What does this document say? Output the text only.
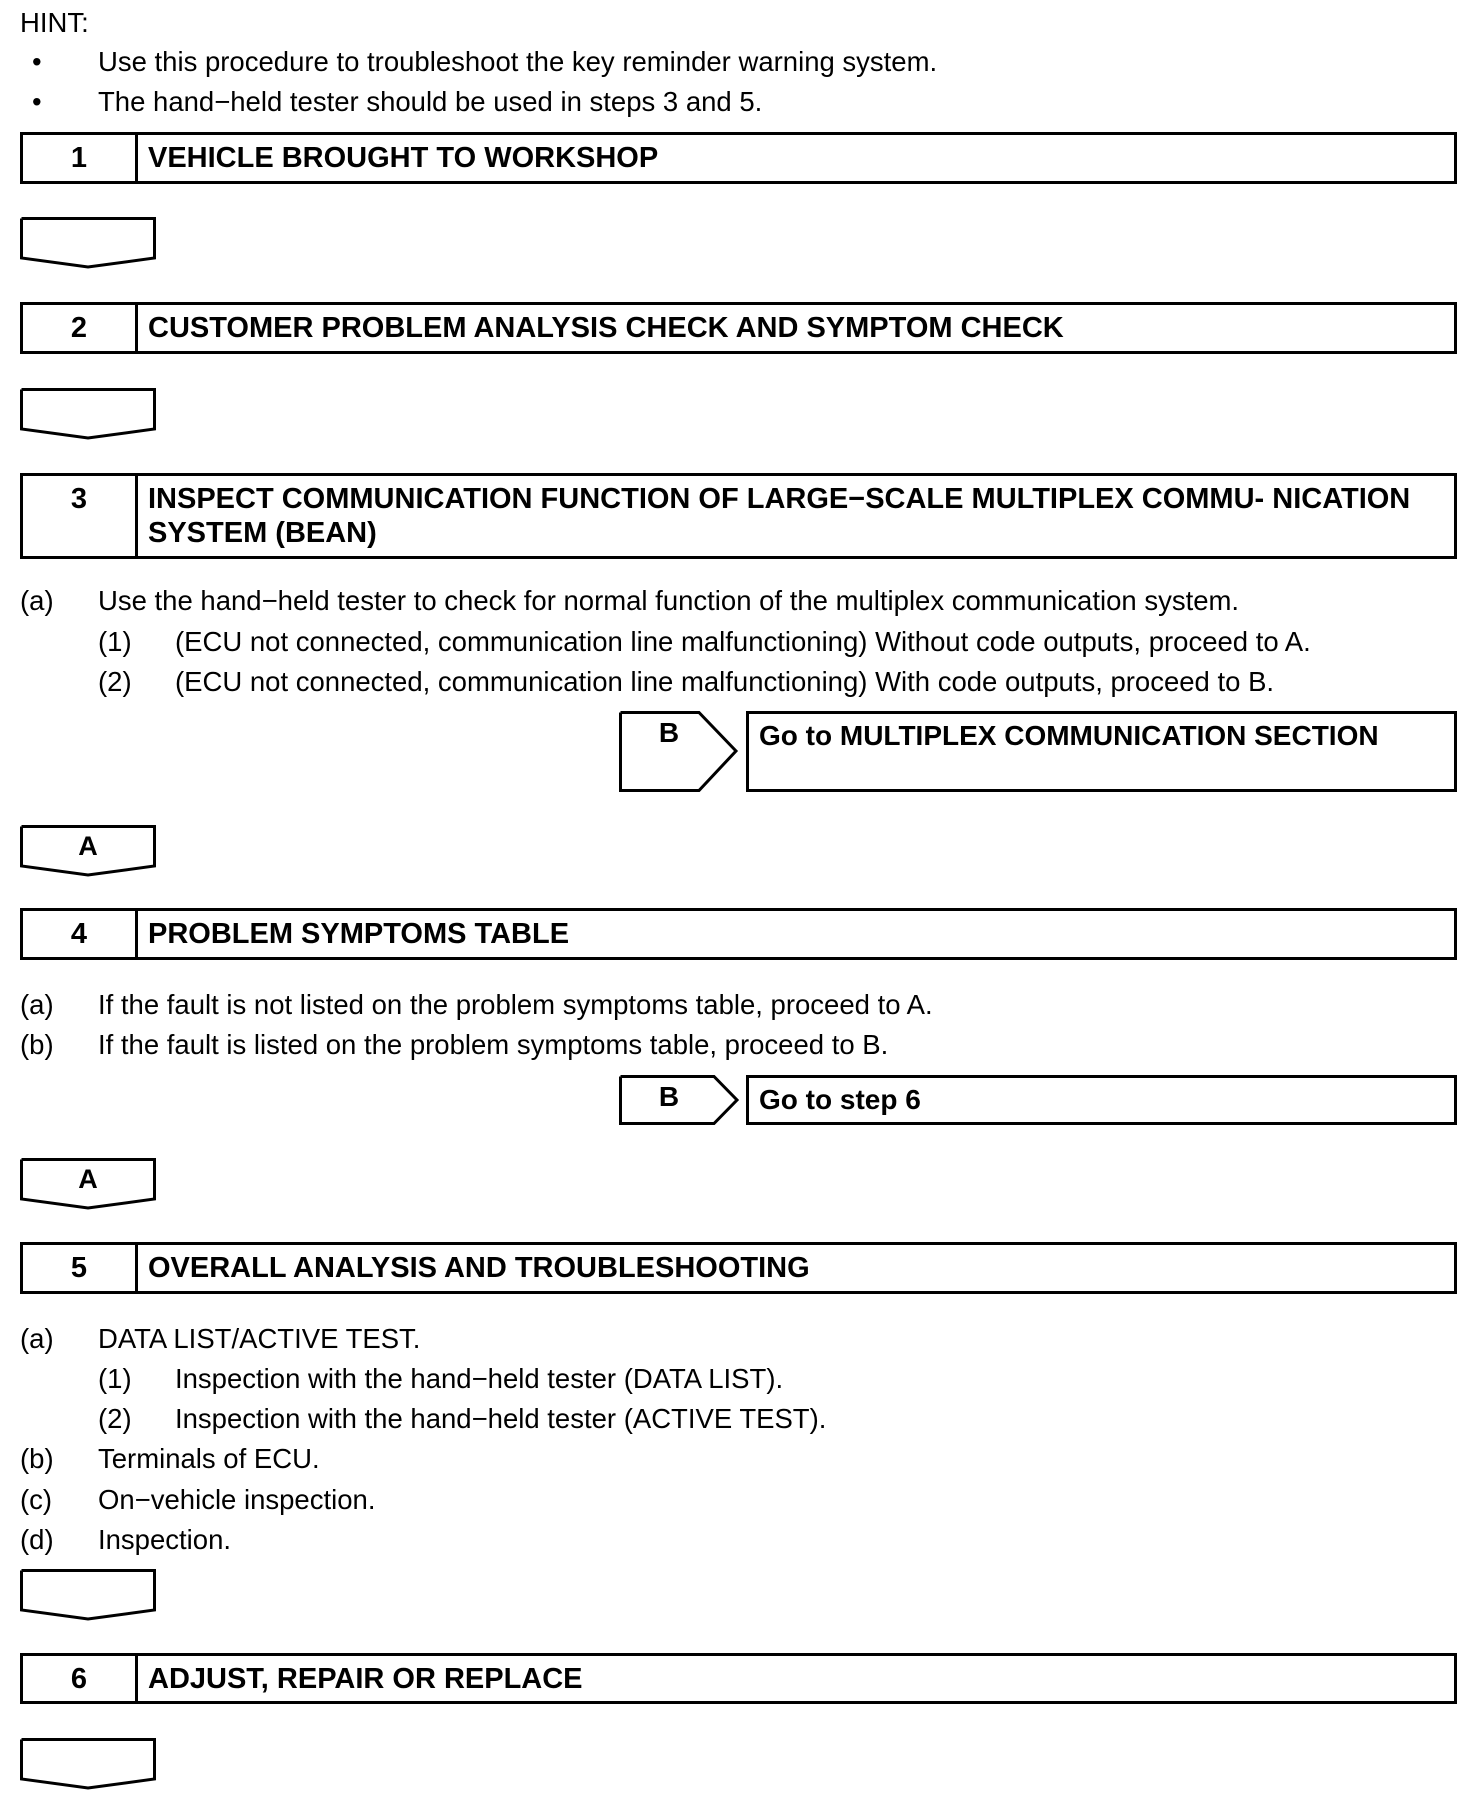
HINT:
• Use this procedure to troubleshoot the key reminder warning system.
• The hand−held tester should be used in steps 3 and 5.
1	VEHICLE BROUGHT TO WORKSHOP
2	CUSTOMER PROBLEM ANALYSIS CHECK AND SYMPTOM CHECK
3	INSPECT COMMUNICATION FUNCTION OF LARGE−SCALE MULTIPLEX COMMU- NICATION SYSTEM (BEAN)
(a) Use the hand−held tester to check for normal function of the multiplex communication system.
(1) (ECU not connected, communication line malfunctioning) Without code outputs, proceed to A.
(2) (ECU not connected, communication line malfunctioning) With code outputs, proceed to B.
B	Go to MULTIPLEX COMMUNICATION SECTION
A
4	PROBLEM SYMPTOMS TABLE
(a) If the fault is not listed on the problem symptoms table, proceed to A.
(b) If the fault is listed on the problem symptoms table, proceed to B.
B	Go to step 6
A
5	OVERALL ANALYSIS AND TROUBLESHOOTING
(a) DATA LIST/ACTIVE TEST.
(1) Inspection with the hand−held tester (DATA LIST).
(2) Inspection with the hand−held tester (ACTIVE TEST).
(b) Terminals of ECU.
(c) On−vehicle inspection.
(d) Inspection.
6	ADJUST, REPAIR OR REPLACE
